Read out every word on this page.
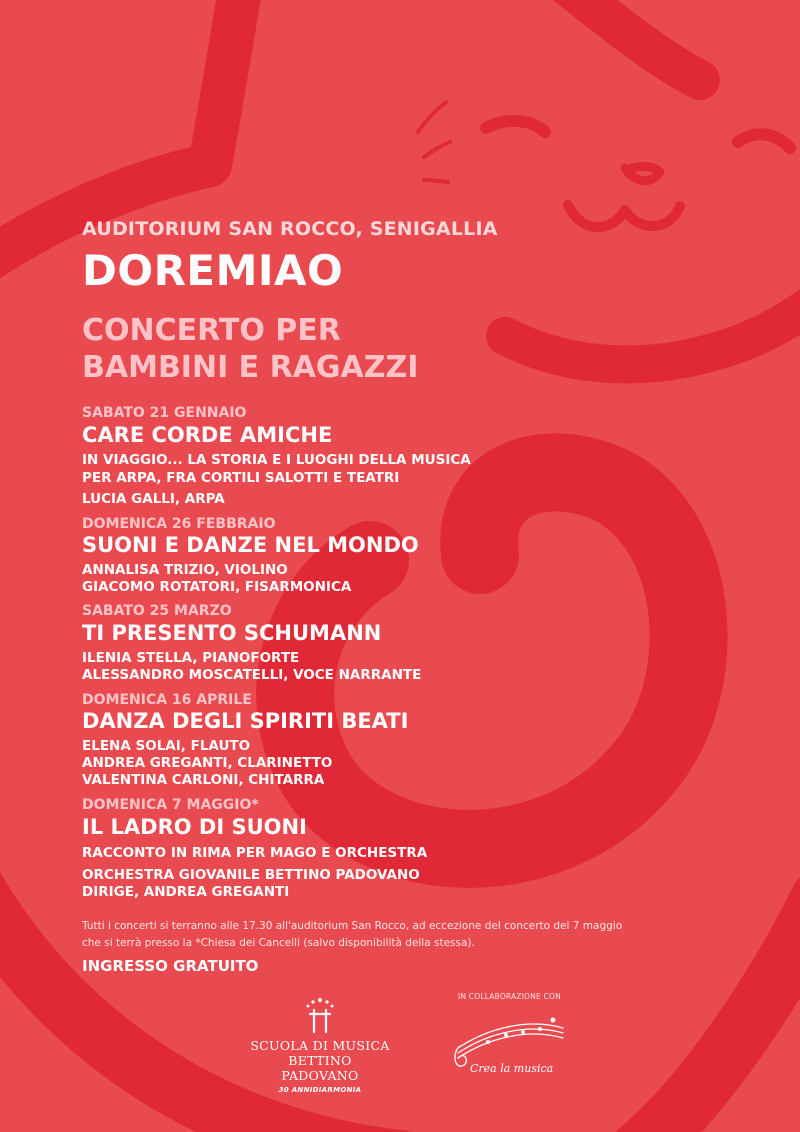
AUDITORIUM SAN ROCCO, SENIGALLIA

DOREMIAO

CONCERTO PER

BAMBINI E RAGAZZI

SABATO 21 GENNAIO

CARE CORDE AMICHE

IN VIAGGIO... LA STORIA E I LUOGHI DELLA MUSICA

PER ARPA, FRA CORTILI SALOTTI E TEATRI

LUCIA GALLI, ARPA

DOMENICA 26 FEBBRAIO

SUONI E DANZE NEL MONDO

ANNALISA TRIZIO, VIOLINO

GIACOMO ROTATORI, FISARMONICA

SABATO 25 MARZO

TI PRESENTO SCHUMANN

ILENIA STELLA, PIANOFORTE

ALESSANDRO MOSCATELLI, VOCE NARRANTE

DOMENICA 16 APRILE

DANZA DEGLI SPIRITI BEATI

ELENA SOLAI, FLAUTO

ANDREA GREGANTI, CLARINETTO

VALENTINA CARLONI, CHITARRA

DOMENICA 7 MAGGIO*

IL LADRO DI SUONI

RACCONTO IN RIMA PER MAGO E ORCHESTRA

ORCHESTRA GIOVANILE BETTINO PADOVANO

DIRIGE, ANDREA GREGANTI

Tutti i concerti si terranno alle 17.30 all'auditorium San Rocco, ad eccezione del concerto del 7 maggio che si terrà presso la *Chiesa dei Cancelli (salvo disponibilità della stessa).

INGRESSO GRATUITO

IN COLLABORAZIONE CON

SCUOLA DI MUSICA
BETTINO PADOVANO
30 ANNIDIARMONIA
Crea la musica
